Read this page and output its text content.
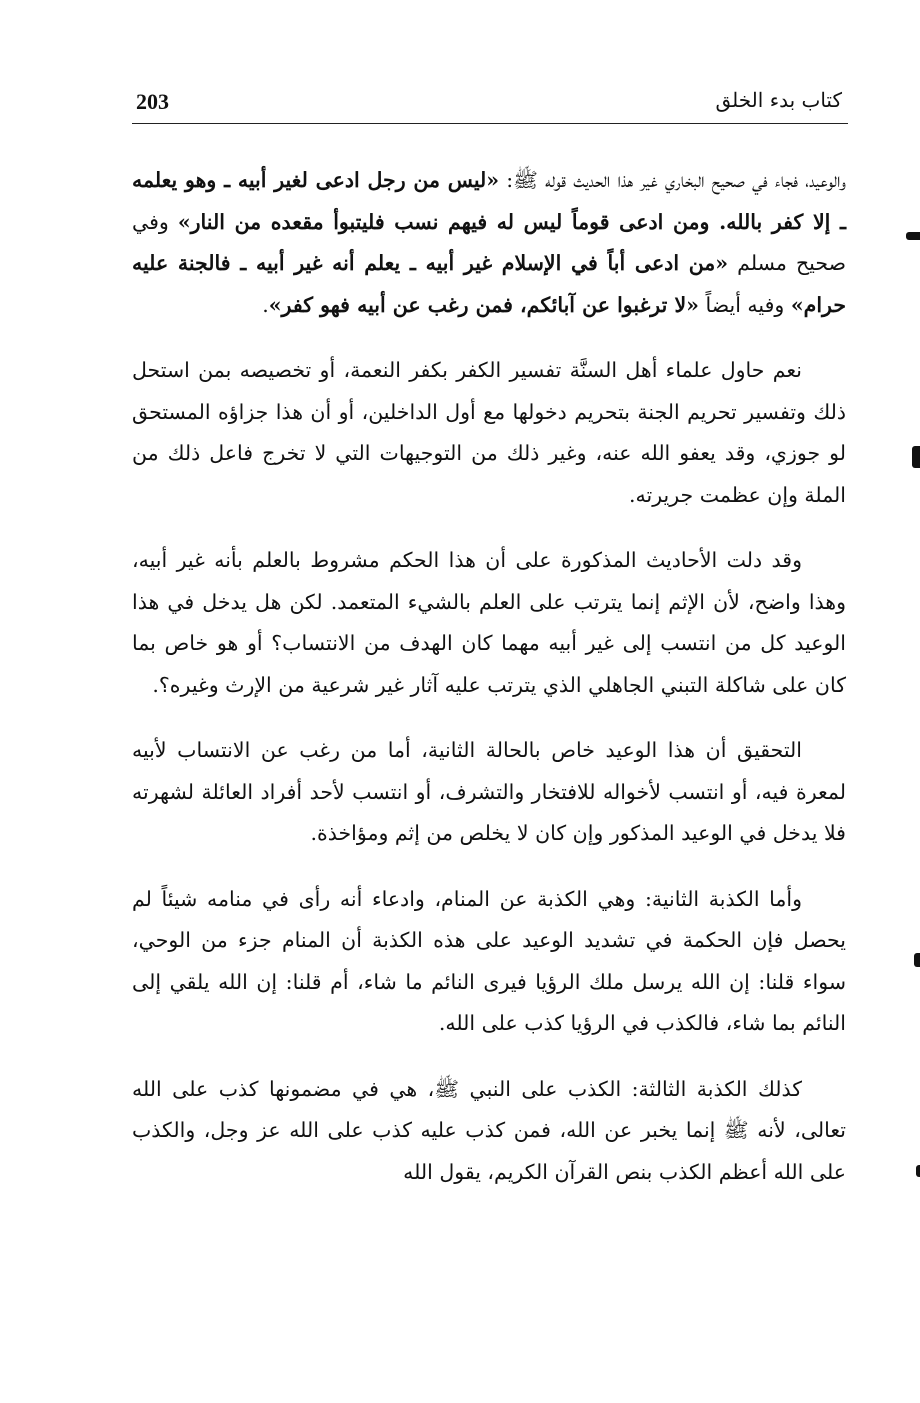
203	كتاب بدء الخلق

والوعيد، فجاء في صحيح البخاري غير هذا الحديث قوله ﷺ: «ليس من رجل ادعى لغير أبيه ـ وهو يعلمه ـ إلا كفر بالله. ومن ادعى قوماً ليس له فيهم نسب فليتبوأ مقعده من النار» وفي صحيح مسلم «من ادعى أباً في الإسلام غير أبيه ـ يعلم أنه غير أبيه ـ فالجنة عليه حرام» وفيه أيضاً «لا ترغبوا عن آبائكم، فمن رغب عن أبيه فهو كفر».

نعم حاول علماء أهل السنَّة تفسير الكفر بكفر النعمة، أو تخصيصه بمن استحل ذلك وتفسير تحريم الجنة بتحريم دخولها مع أول الداخلين، أو أن هذا جزاؤه المستحق لو جوزي، وقد يعفو الله عنه، وغير ذلك من التوجيهات التي لا تخرج فاعل ذلك من الملة وإن عظمت جريرته.

وقد دلت الأحاديث المذكورة على أن هذا الحكم مشروط بالعلم بأنه غير أبيه، وهذا واضح، لأن الإثم إنما يترتب على العلم بالشيء المتعمد. لكن هل يدخل في هذا الوعيد كل من انتسب إلى غير أبيه مهما كان الهدف من الانتساب؟ أو هو خاص بما كان على شاكلة التبني الجاهلي الذي يترتب عليه آثار غير شرعية من الإرث وغيره؟.

التحقيق أن هذا الوعيد خاص بالحالة الثانية، أما من رغب عن الانتساب لأبيه لمعرة فيه، أو انتسب لأخواله للافتخار والتشرف، أو انتسب لأحد أفراد العائلة لشهرته فلا يدخل في الوعيد المذكور وإن كان لا يخلص من إثم ومؤاخذة.

وأما الكذبة الثانية: وهي الكذبة عن المنام، وادعاء أنه رأى في منامه شيئاً لم يحصل فإن الحكمة في تشديد الوعيد على هذه الكذبة أن المنام جزء من الوحي، سواء قلنا: إن الله يرسل ملك الرؤيا فيرى النائم ما شاء، أم قلنا: إن الله يلقي إلى النائم بما شاء، فالكذب في الرؤيا كذب على الله.

كذلك الكذبة الثالثة: الكذب على النبي ﷺ، هي في مضمونها كذب على الله تعالى، لأنه ﷺ إنما يخبر عن الله، فمن كذب عليه كذب على الله عز وجل، والكذب على الله أعظم الكذب بنص القرآن الكريم، يقول الله
